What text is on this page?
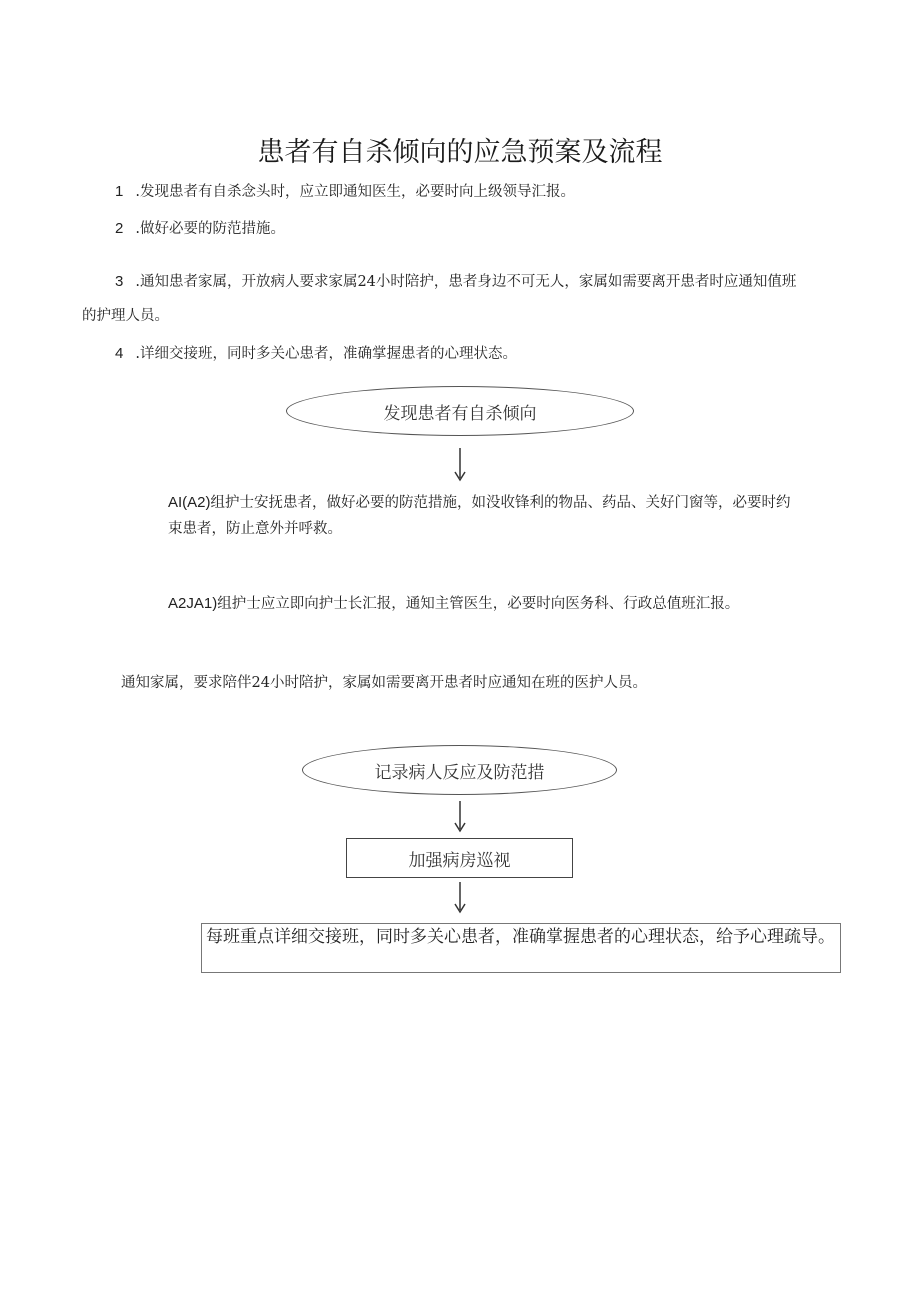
患者有自杀倾向的应急预案及流程
1 .发现患者有自杀念头时，应立即通知医生，必要时向上级领导汇报。
2 .做好必要的防范措施。
3 .通知患者家属，开放病人要求家属24小时陪护，患者身边不可无人，家属如需要离开患者时应通知值班
的护理人员。
4 .详细交接班，同时多关心患者，准确掌握患者的心理状态。
发现患者有自杀倾向
AI(A2)组护士安抚患者，做好必要的防范措施，如没收锋利的物品、药品、关好门窗等，必要时约
束患者，防止意外并呼救。
A2JA1)组护士应立即向护士长汇报，通知主管医生，必要时向医务科、行政总值班汇报。
通知家属，要求陪伴24小时陪护，家属如需要离开患者时应通知在班的医护人员。
记录病人反应及防范措
加强病房巡视
每班重点详细交接班，同时多关心患者，准确掌握患者的心理状态，给予心理疏导。
